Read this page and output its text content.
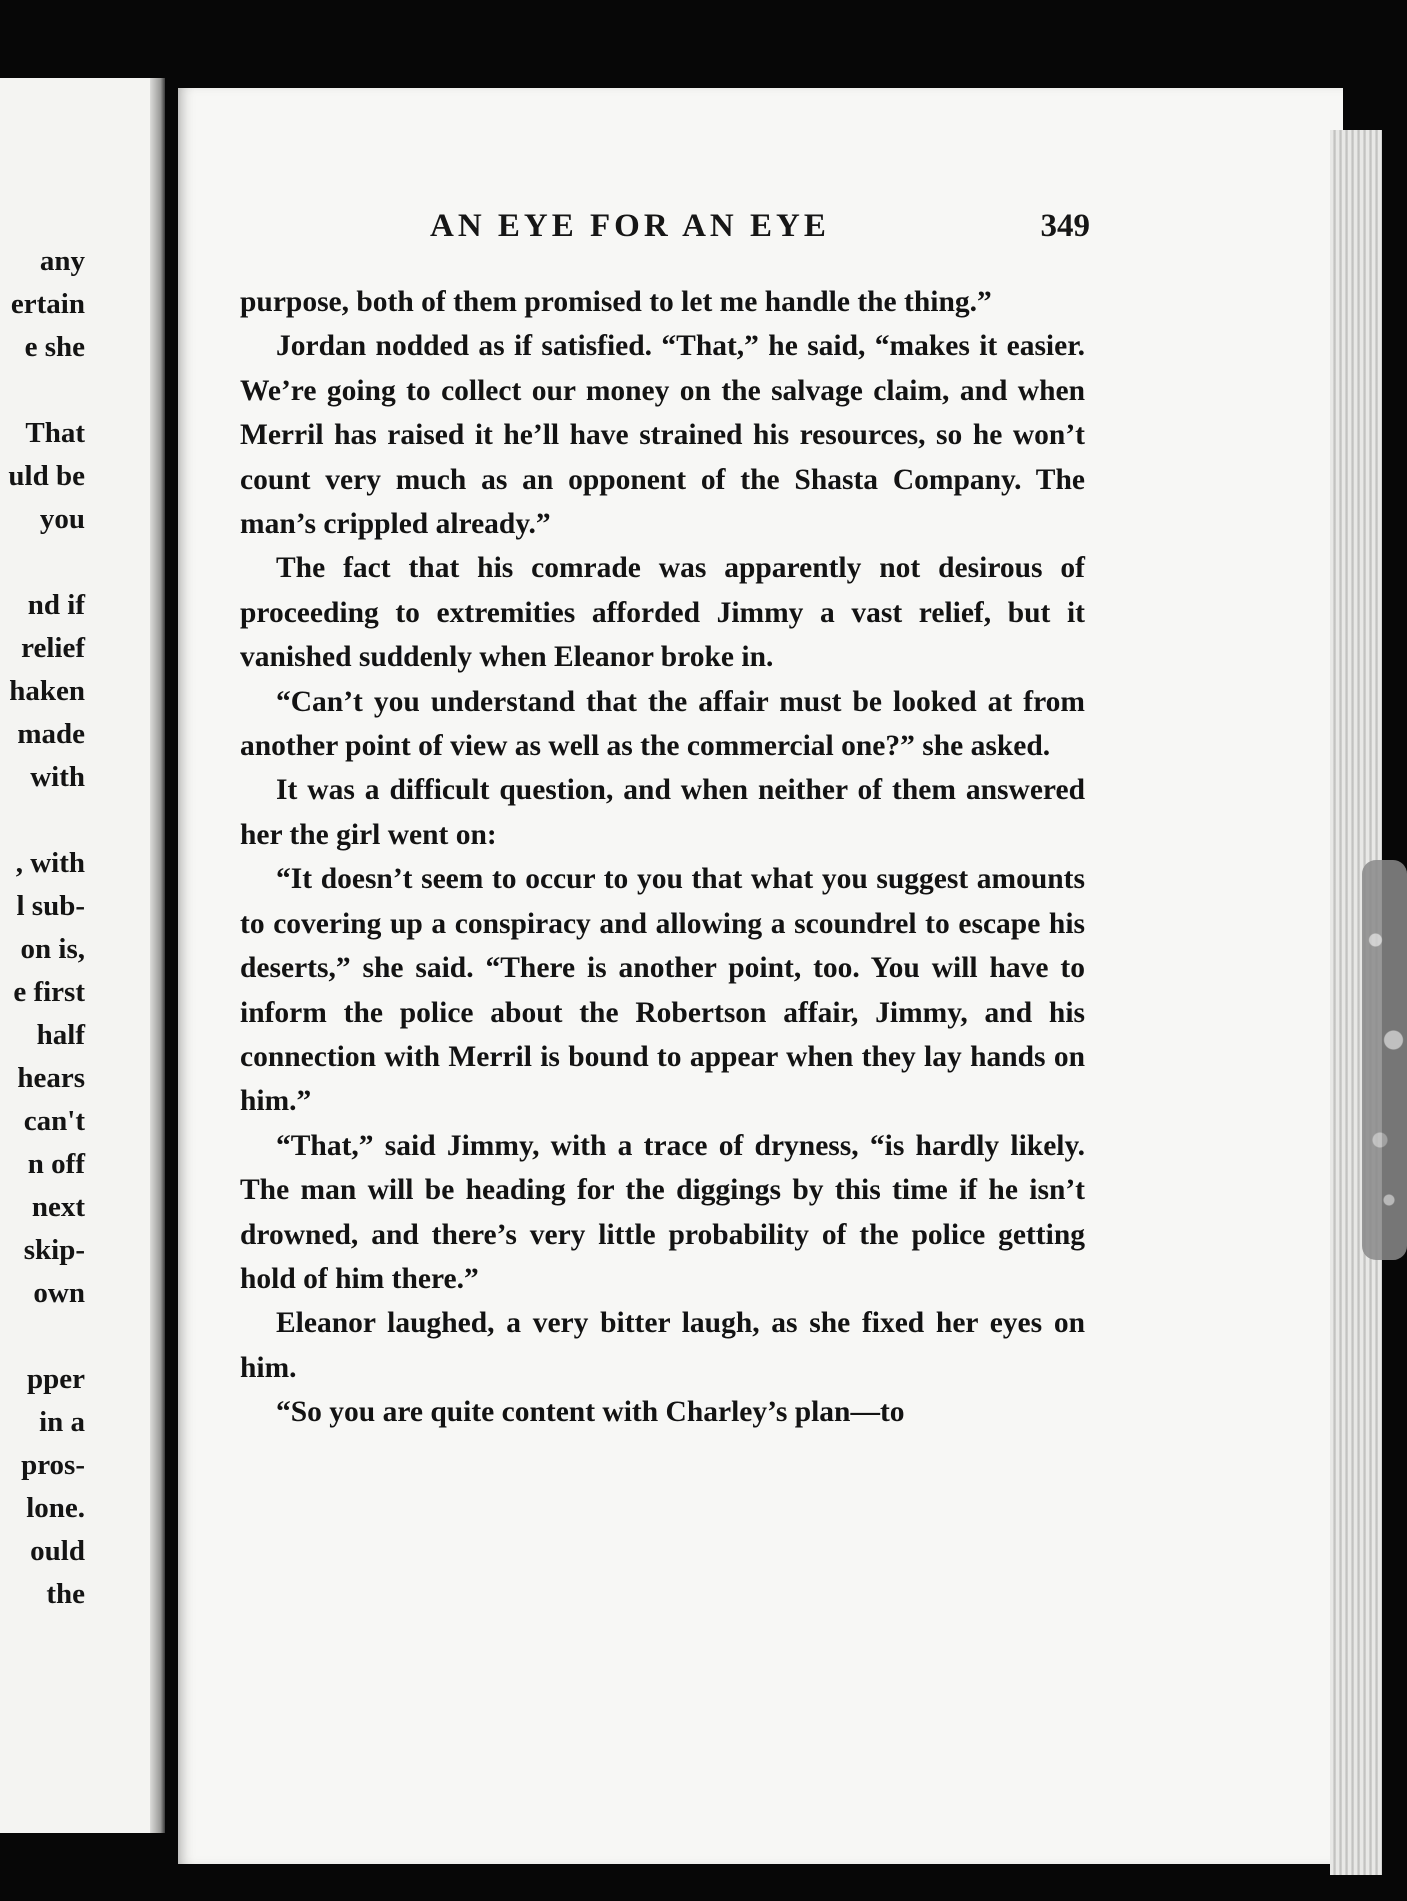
any
ertain
e she
That
uld be
you
nd if
relief
haken
made
with
, with
l sub-
on is,
e first
half
hears
can't
n off
next
skip-
own
pper
in a
pros-
lone.
ould
the
AN EYE FOR AN EYE	349

purpose, both of them promised to let me handle the thing.”

Jordan nodded as if satisfied. “That,” he said, “makes it easier. We’re going to collect our money on the salvage claim, and when Merril has raised it he’ll have strained his resources, so he won’t count very much as an opponent of the Shasta Company. The man’s crippled already.”

The fact that his comrade was apparently not desirous of proceeding to extremities afforded Jimmy a vast relief, but it vanished suddenly when Eleanor broke in.

“Can’t you understand that the affair must be looked at from another point of view as well as the commercial one?” she asked.

It was a difficult question, and when neither of them answered her the girl went on:

“It doesn’t seem to occur to you that what you suggest amounts to covering up a conspiracy and allowing a scoundrel to escape his deserts,” she said. “There is another point, too. You will have to inform the police about the Robertson affair, Jimmy, and his connection with Merril is bound to appear when they lay hands on him.”

“That,” said Jimmy, with a trace of dryness, “is hardly likely. The man will be heading for the diggings by this time if he isn’t drowned, and there’s very little probability of the police getting hold of him there.”

Eleanor laughed, a very bitter laugh, as she fixed her eyes on him.

“So you are quite content with Charley’s plan—to
